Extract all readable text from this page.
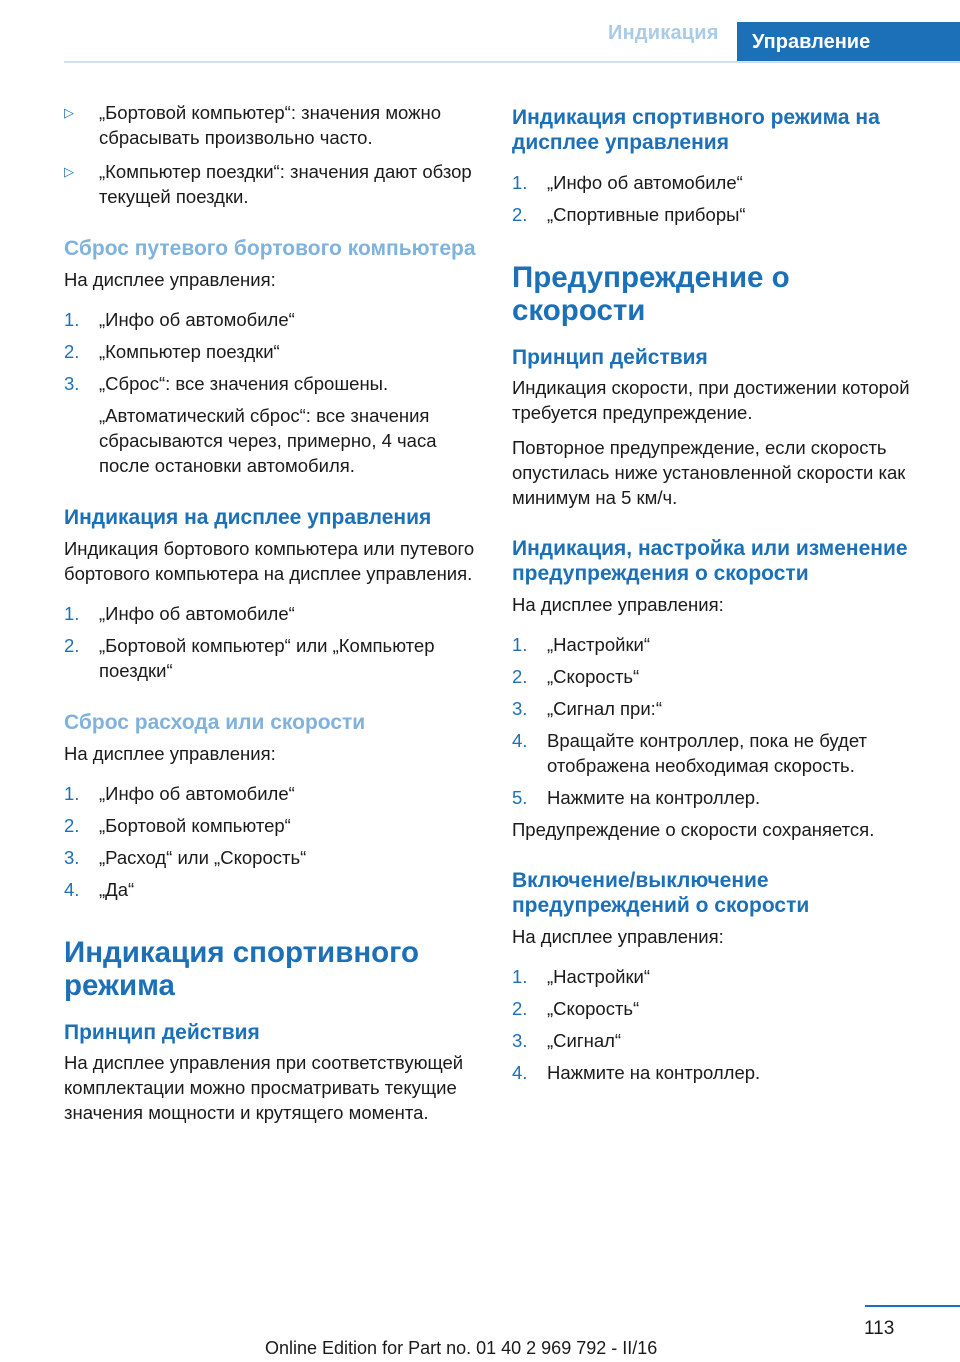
Индикация	Управление
▷ „Бортовой компьютер“: значения можно сбрасывать произвольно часто.
▷ „Компьютер поездки“: значения дают обзор текущей поездки.
Сброс путевого бортового компьютера

На дисплее управления:

1. „Инфо об автомобиле“
2. „Компьютер поездки“
3. „Сброс“: все значения сброшены.
„Автоматический сброс“: все значения сбрасываются через, примерно, 4 часа после остановки автомобиля.
Индикация на дисплее управления

Индикация бортового компьютера или путевого бортового компьютера на дисплее управления.

1. „Инфо об автомобиле“
2. „Бортовой компьютер“ или „Компьютер поездки“
Сброс расхода или скорости

На дисплее управления:

1. „Инфо об автомобиле“
2. „Бортовой компьютер“
3. „Расход“ или „Скорость“
4. „Да“
Индикация спортивного режима
Принцип действия

На дисплее управления при соответствующей комплектации можно просматривать текущие значения мощности и крутящего момента.

Индикация спортивного режима на дисплее управления
1. „Инфо об автомобиле“
2. „Спортивные приборы“
Предупреждение о скорости
Принцип действия

Индикация скорости, при достижении которой требуется предупреждение.

Повторное предупреждение, если скорость опустилась ниже установленной скорости как минимум на 5 км/ч.

Индикация, настройка или изменение предупреждения о скорости

На дисплее управления:

1. „Настройки“
2. „Скорость“
3. „Сигнал при:“
4. Вращайте контроллер, пока не будет отображена необходимая скорость.
5. Нажмите на контроллер.

Предупреждение о скорости сохраняется.

Включение/выключение предупреждений о скорости

На дисплее управления:

1. „Настройки“
2. „Скорость“
3. „Сигнал“
4. Нажмите на контроллер.
113
Online Edition for Part no. 01 40 2 969 792 - II/16
